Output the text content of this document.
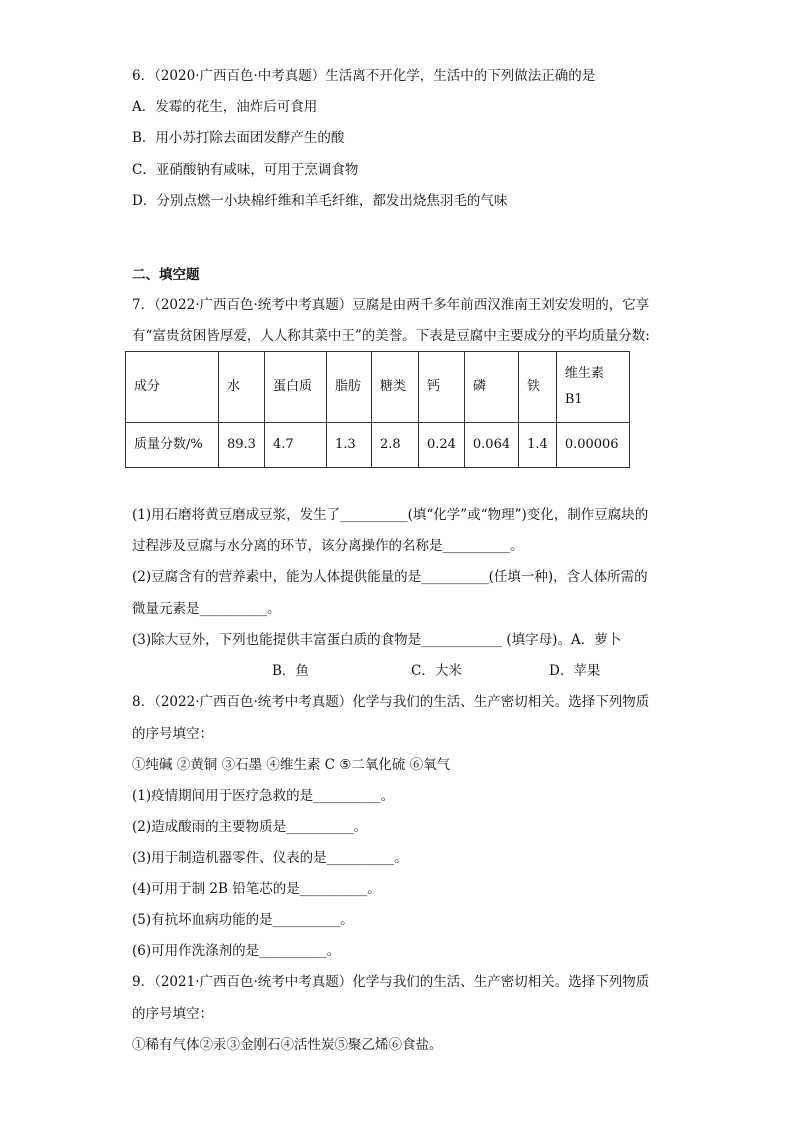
6．（2020·广西百色·中考真题）生活离不开化学，生活中的下列做法正确的是
A．发霉的花生，油炸后可食用
B．用小苏打除去面团发酵产生的酸
C．亚硝酸钠有咸味，可用于烹调食物
D．分别点燃一小块棉纤维和羊毛纤维，都发出烧焦羽毛的气味
二、填空题
7．（2022·广西百色·统考中考真题）豆腐是由两千多年前西汉淮南王刘安发明的，它享
有“富贵贫困皆厚爱，人人称其菜中王”的美誉。下表是豆腐中主要成分的平均质量分数:
成分	水	蛋白质	脂肪	糖类	钙	磷	铁	维生素
B1

质量分数/%	89.3	4.7	1.3	2.8	0.24	0.064	1.4	0.00006
(1)用石磨将黄豆磨成豆浆，发生了__________(填“化学”或“物理”)变化，制作豆腐块的
过程涉及豆腐与水分离的环节，该分离操作的名称是__________。
(2)豆腐含有的营养素中，能为人体提供能量的是__________(任填一种)，含人体所需的
微量元素是__________。
(3)除大豆外，下列也能提供丰富蛋白质的食物是____________ (填字母)。A．萝卜
B．鱼	C．大米	D．苹果
8．（2022·广西百色·统考中考真题）化学与我们的生活、生产密切相关。选择下列物质
的序号填空：
①纯碱 ②黄铜 ③石墨 ④维生素 C ⑤二氧化硫 ⑥氧气
(1)疫情期间用于医疗急救的是__________。
(2)造成酸雨的主要物质是__________。
(3)用于制造机器零件、仪表的是__________。
(4)可用于制 2B 铅笔芯的是__________。
(5)有抗坏血病功能的是__________。
(6)可用作洗涤剂的是__________。
9．（2021·广西百色·统考中考真题）化学与我们的生活、生产密切相关。选择下列物质
的序号填空：
①稀有气体②汞③金刚石④活性炭⑤聚乙烯⑥食盐。
